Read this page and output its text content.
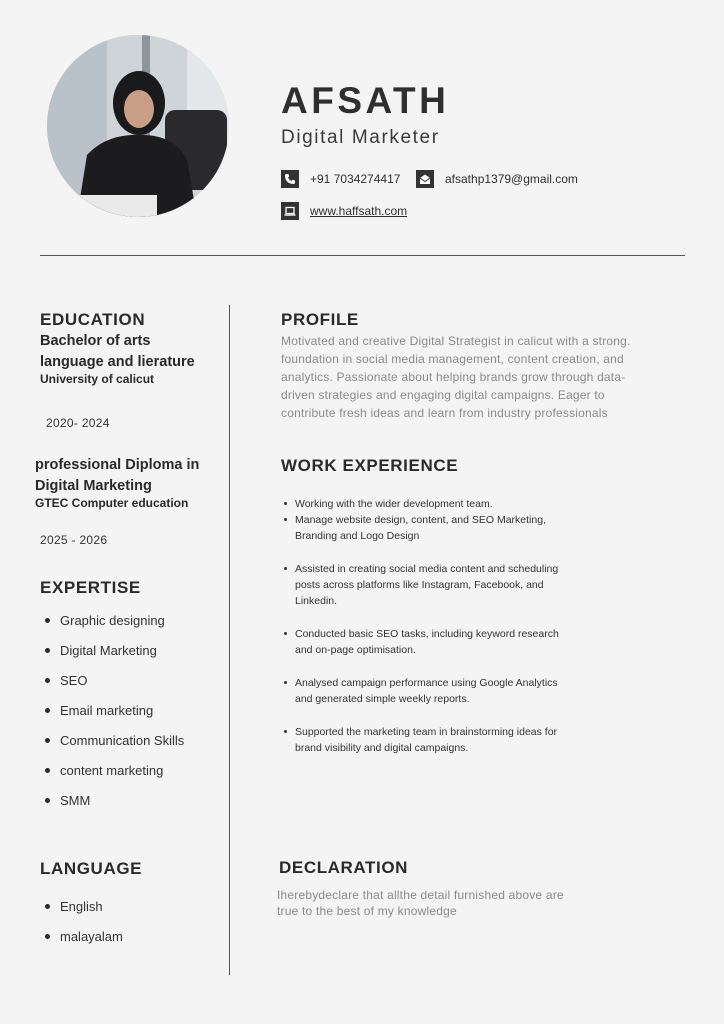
AFSATH
Digital Marketer
+91 7034274417	afsathp1379@gmail.com
www.haffsath.com
EDUCATION
Bachelor of arts
language and lierature
University of calicut
2020- 2024
professional Diploma in
Digital Marketing
GTEC Computer education
2025 - 2026
EXPERTISE
Graphic designing
Digital Marketing
SEO
Email marketing
Communication Skills
content marketing
SMM
LANGUAGE
English
malayalam
PROFILE
Motivated and creative Digital Strategist in calicut with a strong.
foundation in social media management, content creation, and
analytics. Passionate about helping brands grow through data-
driven strategies and engaging digital campaigns. Eager to
contribute fresh ideas and learn from industry professionals
WORK EXPERIENCE
Working with the wider development team.
Manage website design, content, and SEO Marketing,
Branding and Logo Design
Assisted in creating social media content and scheduling
posts across platforms like Instagram, Facebook, and
Linkedin.
Conducted basic SEO tasks, including keyword research
and on-page optimisation.
Analysed campaign performance using Google Analytics
and generated simple weekly reports.
Supported the marketing team in brainstorming ideas for
brand visibility and digital campaigns.
DECLARATION
Iherebydeclare that allthe detail furnished above are
true to the best of my knowledge
